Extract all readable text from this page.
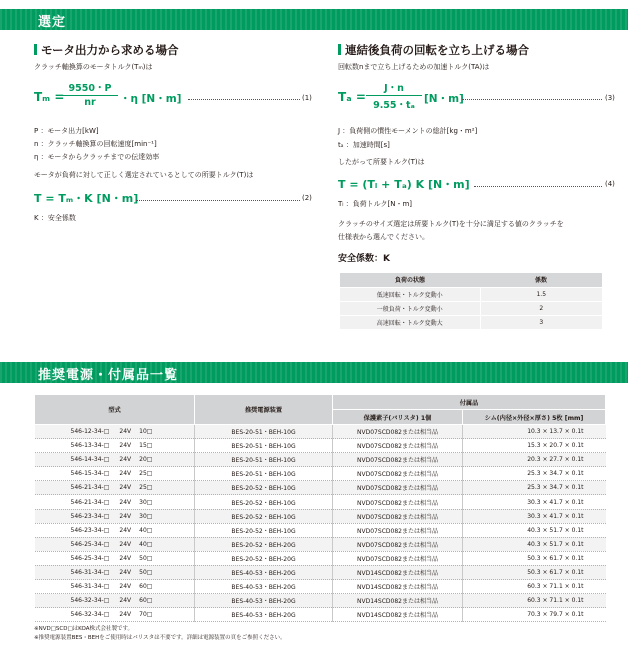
選定
モータ出力から求める場合
クラッチ軸換算のモータトルク(Tₘ)は
Tₘ =
$\frac{9550・P}{nr}$ ・η [N・m]	(1)
P ：モータ出力[kW]
n ：クラッチ軸換算の回転速度[min⁻¹]
η ：モータからクラッチまでの伝達効率
モータが負荷に対して正しく選定されているとしての所要トルク(T)は
T = Tₘ・K [N・m]	(2)
K ：安全係数
連結後負荷の回転を立ち上げる場合
回転数nまで立ち上げるための加速トルク(TA)は
$T_a = \frac{J・n}{\text{9.55・tₐ}} [N$・m]	(3)
J ：負荷側の慣性モーメントの総計[kg・m²]
tₐ ：加速時間[s]
したがって所要トルク(T)は
T = (Tₗ + Tₐ) K [N・m]	(4)
Tₗ ：負荷トルク[N・m]
クラッチのサイズ選定は所要トルク(T)を十分に満足する値のクラッチを
仕様表から選んでください。
安全係数：K
負荷の状態	係数
低速回転・トルク変動小	1.5
一般負荷・トルク変動小	2
高速回転・トルク変動大	3
推奨電源・付属品一覧
型式	推奨電源装置	付属品	
		保護素子(バリスタ) 1個	シム(内径×外径×厚さ) 5枚 [mm]
546-12-34-□ 24V 10□	BES-20-51・BEH-10G	NVD07SCD082または相当品	10.3 × 13.7 × 0.1t
546-13-34-□ 24V 15□	BES-20-51・BEH-10G	NVD07SCD082または相当品	15.3 × 20.7 × 0.1t
546-14-34-□ 24V 20□	BES-20-51・BEH-10G	NVD07SCD082または相当品	20.3 × 27.7 × 0.1t
546-15-34-□ 24V 25□	BES-20-51・BEH-10G	NVD07SCD082または相当品	25.3 × 34.7 × 0.1t
546-21-34-□ 24V 25□	BES-20-52・BEH-10G	NVD07SCD082または相当品	25.3 × 34.7 × 0.1t
546-21-34-□ 24V 30□	BES-20-52・BEH-10G	NVD07SCD082または相当品	30.3 × 41.7 × 0.1t
546-23-34-□ 24V 30□	BES-20-52・BEH-10G	NVD07SCD082または相当品	30.3 × 41.7 × 0.1t
546-23-34-□ 24V 40□	BES-20-52・BEH-10G	NVD07SCD082または相当品	40.3 × 51.7 × 0.1t
546-25-34-□ 24V 40□	BES-20-52・BEH-20G	NVD07SCD082または相当品	40.3 × 51.7 × 0.1t
546-25-34-□ 24V 50□	BES-20-52・BEH-20G	NVD07SCD082または相当品	50.3 × 61.7 × 0.1t
546-31-34-□ 24V 50□	BES-40-53・BEH-20G	NVD14SCD082または相当品	50.3 × 61.7 × 0.1t
546-31-34-□ 24V 60□	BES-40-53・BEH-20G	NVD14SCD082または相当品	60.3 × 71.1 × 0.1t
546-32-34-□ 24V 60□	BES-40-53・BEH-20G	NVD14SCD082または相当品	60.3 × 71.1 × 0.1t
546-32-34-□ 24V 70□	BES-40-53・BEH-20G	NVD14SCD082または相当品	70.3 × 79.7 × 0.1t
※NVD□SCD□はKOA株式会社製です。
※推奨電源装置BES・BEHをご使用時はバリスタは不要です。詳細は電源装置の頁をご参照ください。
